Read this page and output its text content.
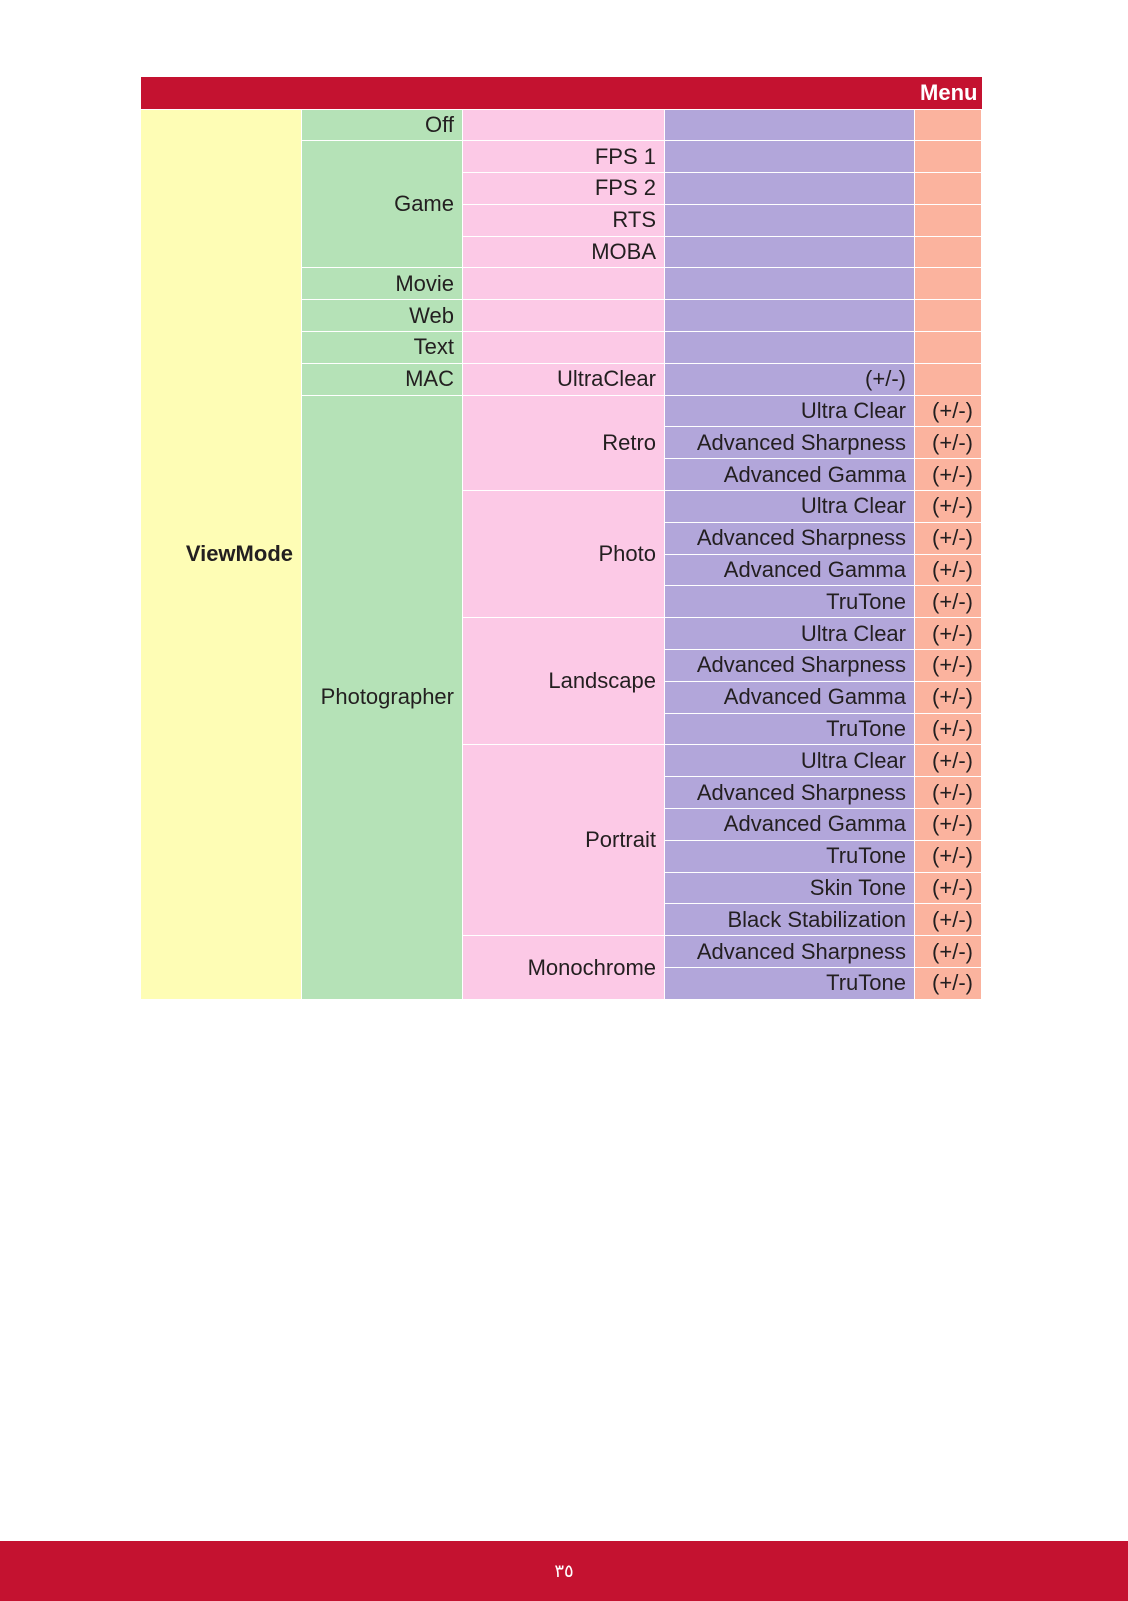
Menu				
ViewMode	Off			
	Game	FPS 1		
		FPS 2		
		RTS		
		MOBA		
	Movie			
	Web			
	Text			
	MAC	UltraClear	(+/-)	
	Photographer	Retro	Ultra Clear	(+/-)
			Advanced Sharpness	(+/-)
			Advanced Gamma	(+/-)
		Photo	Ultra Clear	(+/-)
			Advanced Sharpness	(+/-)
			Advanced Gamma	(+/-)
			TruTone	(+/-)
		Landscape	Ultra Clear	(+/-)
			Advanced Sharpness	(+/-)
			Advanced Gamma	(+/-)
			TruTone	(+/-)
		Portrait	Ultra Clear	(+/-)
			Advanced Sharpness	(+/-)
			Advanced Gamma	(+/-)
			TruTone	(+/-)
			Skin Tone	(+/-)
			Black Stabilization	(+/-)
		Monochrome	Advanced Sharpness	(+/-)
			TruTone	(+/-)
٣٥
